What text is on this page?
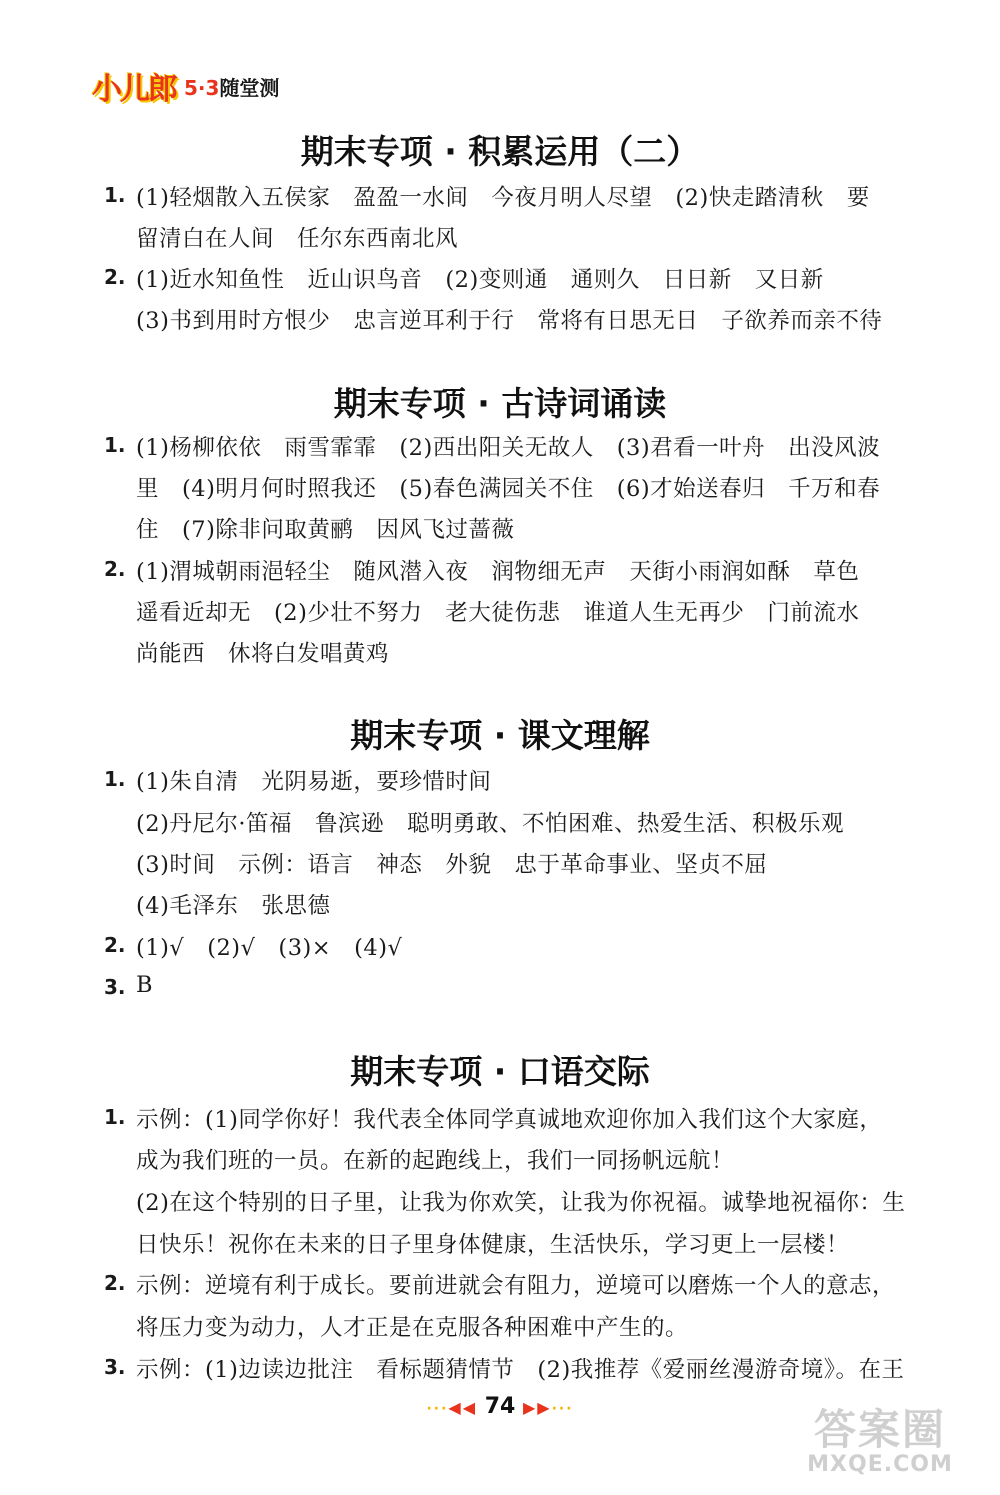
小儿郎 5·3随堂测
期末专项 · 积累运用（二）
1. (1)轻烟散入五侯家　盈盈一水间　今夜月明人尽望　(2)快走踏清秋　要
留清白在人间　任尔东西南北风
2. (1)近水知鱼性　近山识鸟音　(2)变则通　通则久　日日新　又日新
(3)书到用时方恨少　忠言逆耳利于行　常将有日思无日　子欲养而亲不待
期末专项 · 古诗词诵读
1. (1)杨柳依依　雨雪霏霏　(2)西出阳关无故人　(3)君看一叶舟　出没风波
里　(4)明月何时照我还　(5)春色满园关不住　(6)才始送春归　千万和春
住　(7)除非问取黄鹂　因风飞过蔷薇
2. (1)渭城朝雨浥轻尘　随风潜入夜　润物细无声　天街小雨润如酥　草色
遥看近却无　(2)少壮不努力　老大徒伤悲　谁道人生无再少　门前流水
尚能西　休将白发唱黄鸡
期末专项 · 课文理解
1. (1)朱自清　光阴易逝，要珍惜时间
(2)丹尼尔·笛福　鲁滨逊　聪明勇敢、不怕困难、热爱生活、积极乐观
(3)时间　示例：语言　神态　外貌　忠于革命事业、坚贞不屈
(4)毛泽东　张思德
2. (1)√　(2)√　(3)×　(4)√
3. B
期末专项 · 口语交际
1. 示例：(1)同学你好！我代表全体同学真诚地欢迎你加入我们这个大家庭，
成为我们班的一员。在新的起跑线上，我们一同扬帆远航！
(2)在这个特别的日子里，让我为你欢笑，让我为你祝福。诚挚地祝福你：生
日快乐！祝你在未来的日子里身体健康，生活快乐，学习更上一层楼！
2. 示例：逆境有利于成长。要前进就会有阻力，逆境可以磨炼一个人的意志，
将压力变为动力，人才正是在克服各种困难中产生的。
3. 示例：(1)边读边批注　看标题猜情节　(2)我推荐《爱丽丝漫游奇境》。在王
···◀◀ 74 ▶▶···	答案圈
MXQE.COM
